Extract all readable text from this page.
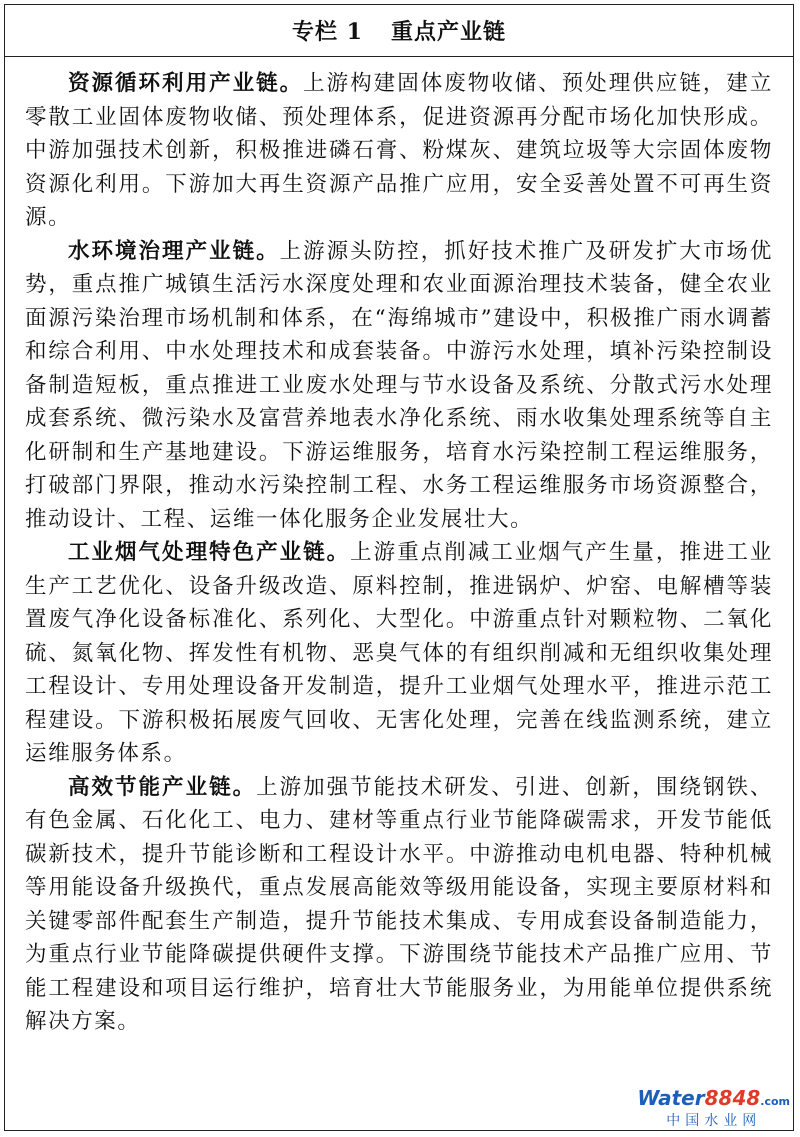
专栏 1 重点产业链

资源循环利用产业链。上游构建固体废物收储、预处理供应链，建立零散工业固体废物收储、预处理体系，促进资源再分配市场化加快形成。中游加强技术创新，积极推进磷石膏、粉煤灰、建筑垃圾等大宗固体废物资源化利用。下游加大再生资源产品推广应用，安全妥善处置不可再生资源。

水环境治理产业链。上游源头防控，抓好技术推广及研发扩大市场优势，重点推广城镇生活污水深度处理和农业面源治理技术装备，健全农业面源污染治理市场机制和体系，在“海绵城市”建设中，积极推广雨水调蓄和综合利用、中水处理技术和成套装备。中游污水处理，填补污染控制设备制造短板，重点推进工业废水处理与节水设备及系统、分散式污水处理成套系统、微污染水及富营养地表水净化系统、雨水收集处理系统等自主化研制和生产基地建设。下游运维服务，培育水污染控制工程运维服务，打破部门界限，推动水污染控制工程、水务工程运维服务市场资源整合，推动设计、工程、运维一体化服务企业发展壮大。

工业烟气处理特色产业链。上游重点削减工业烟气产生量，推进工业生产工艺优化、设备升级改造、原料控制，推进锅炉、炉窑、电解槽等装置废气净化设备标准化、系列化、大型化。中游重点针对颗粒物、二氧化硫、氮氧化物、挥发性有机物、恶臭气体的有组织削减和无组织收集处理工程设计、专用处理设备开发制造，提升工业烟气处理水平，推进示范工程建设。下游积极拓展废气回收、无害化处理，完善在线监测系统，建立运维服务体系。

高效节能产业链。上游加强节能技术研发、引进、创新，围绕钢铁、有色金属、石化化工、电力、建材等重点行业节能降碳需求，开发节能低碳新技术，提升节能诊断和工程设计水平。中游推动电机电器、特种机械等用能设备升级换代，重点发展高能效等级用能设备，实现主要原材料和关键零部件配套生产制造，提升节能技术集成、专用成套设备制造能力，为重点行业节能降碳提供硬件支撑。下游围绕节能技术产品推广应用、节能工程建设和项目运行维护，培育壮大节能服务业，为用能单位提供系统解决方案。

Water8848.com
中国水业网
